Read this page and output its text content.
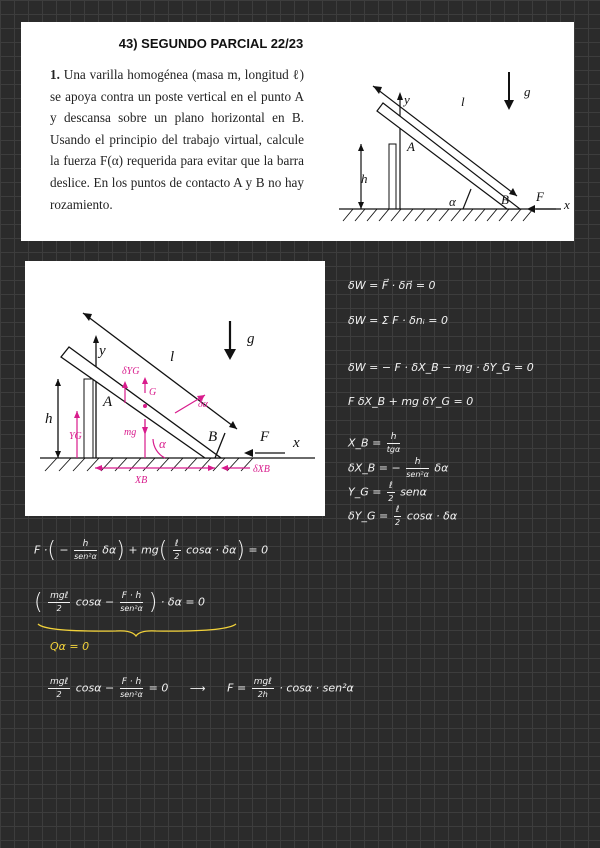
43) SEGUNDO PARCIAL 22/23
1. Una varilla homogénea (masa m, longitud ℓ) se apoya contra un poste vertical en el punto A y descansa sobre un plano horizontal en B. Usando el principio del trabajo virtual, calcule la fuerza F(α) requerida para evitar que la barra deslice. En los puntos de contacto A y B no hay rozamiento.
y	l
g
h
A
B F
x
α
y	l
g
h
A
B	F x
YG
δYG
G
mg
δα
XB
δXB
α
δW = F⃗ · δn⃗ = 0
δW = Σ F · δnᵢ = 0
δW = − F · δX_B − mg · δY_G = 0
F δX_B + mg δY_G = 0
X_B = $\frac{h}{\text{tgα}}$
δX_B = − $\frac{h}{\text{sen²α}}$ δα
Y_G = $\frac{\text{ℓ}}{2}$ senα
δY_G = $\frac{\text{ℓ}}{2}$ cosα · δα
F ·( − $\frac{h}{\text{sen²α}} \delta\alpha) + mg( \frac{\text{ℓ}}{2}$ cosα · δα) = 0
( $\frac{\text{mgℓ}}{2}$ $\cos\alpha - \frac{F \cdot h}{\text{sen²α}}$ ) · δα = 0
Qα = 0
$\frac{\text{mgℓ}}{2}$ $\cos\alpha - \frac{F \cdot h}{\text{sen²α}} = 0$ ⟶ $F = \frac{\text{mgℓ}}{2h} \cdot \cos\alpha \cdot sen^2\alpha$
